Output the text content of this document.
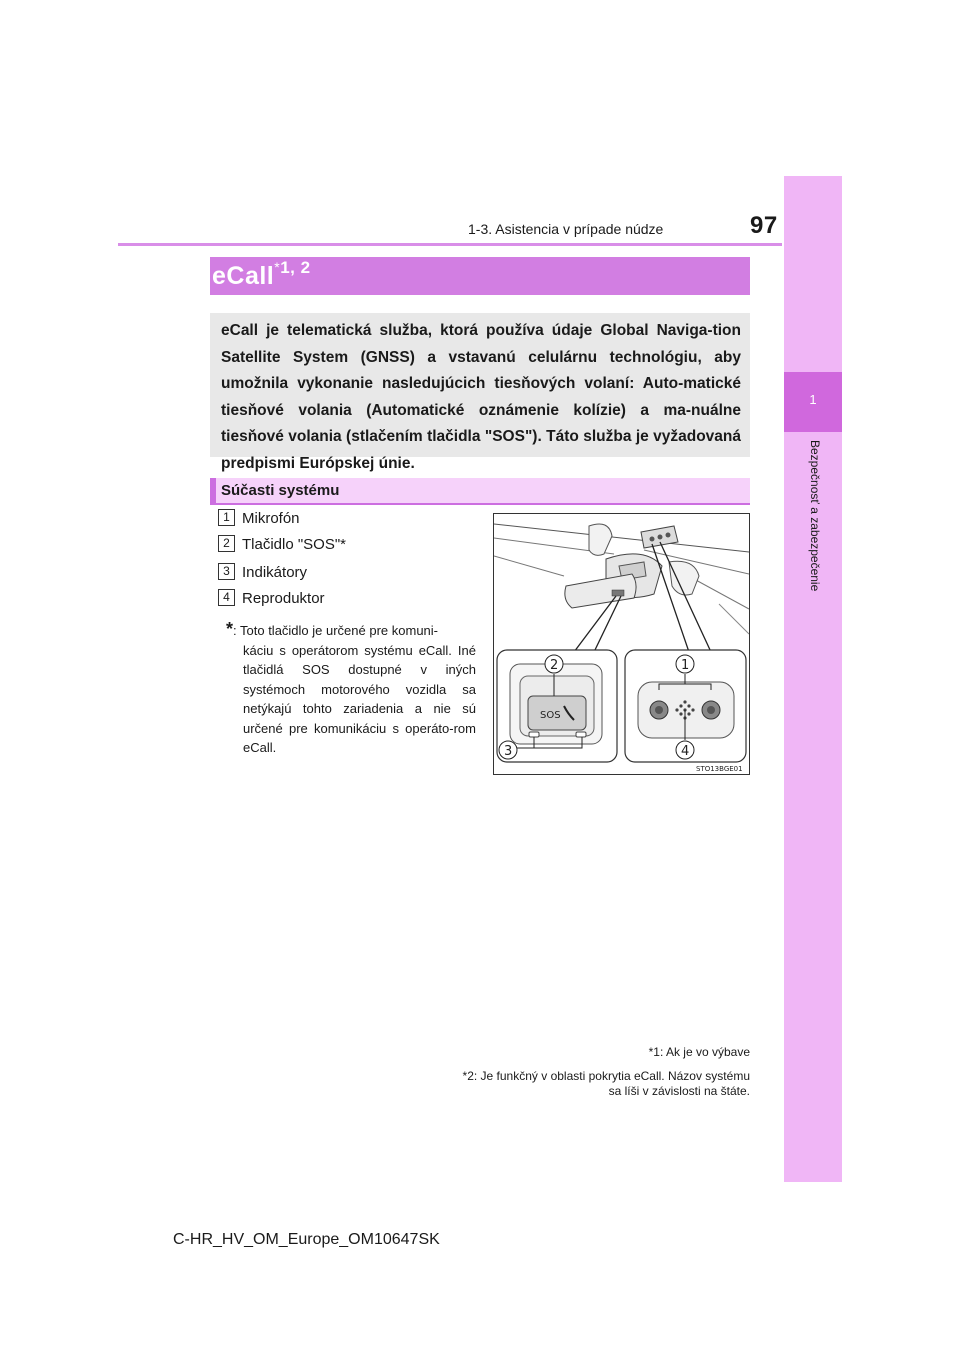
1
Bezpečnosť a zabezpečenie
1-3. Asistencia v prípade núdze	97
eCall$^{*1, 2}$
eCall je telematická služba, ktorá používa údaje Global Naviga-tion Satellite System (GNSS) a vstavanú celulárnu technológiu, aby umožnila vykonanie nasledujúcich tiesňových volaní: Auto-matické tiesňové volania (Automatické oznámenie kolízie) a ma-nuálne tiesňové volania (stlačením tlačidla "SOS"). Táto služba je vyžadovaná predpismi Európskej únie.
Súčasti systému
1 Mikrofón
2 Tlačidlo "SOS"*
3 Indikátory
4 Reproduktor
*: Toto tlačidlo je určené pre komuni-
káciu s operátorom systému eCall. Iné tlačidlá SOS dostupné v iných systémoch motorového vozidla sa netýkajú tohto zariadenia a nie sú určené pre komunikáciu s operáto-rom eCall.
SOS
2
3
1
4
STO13BGE01
*1: Ak je vo výbave
*2: Je funkčný v oblasti pokrytia eCall. Názov systému
sa líši v závislosti na štáte.
C-HR_HV_OM_Europe_OM10647SK
